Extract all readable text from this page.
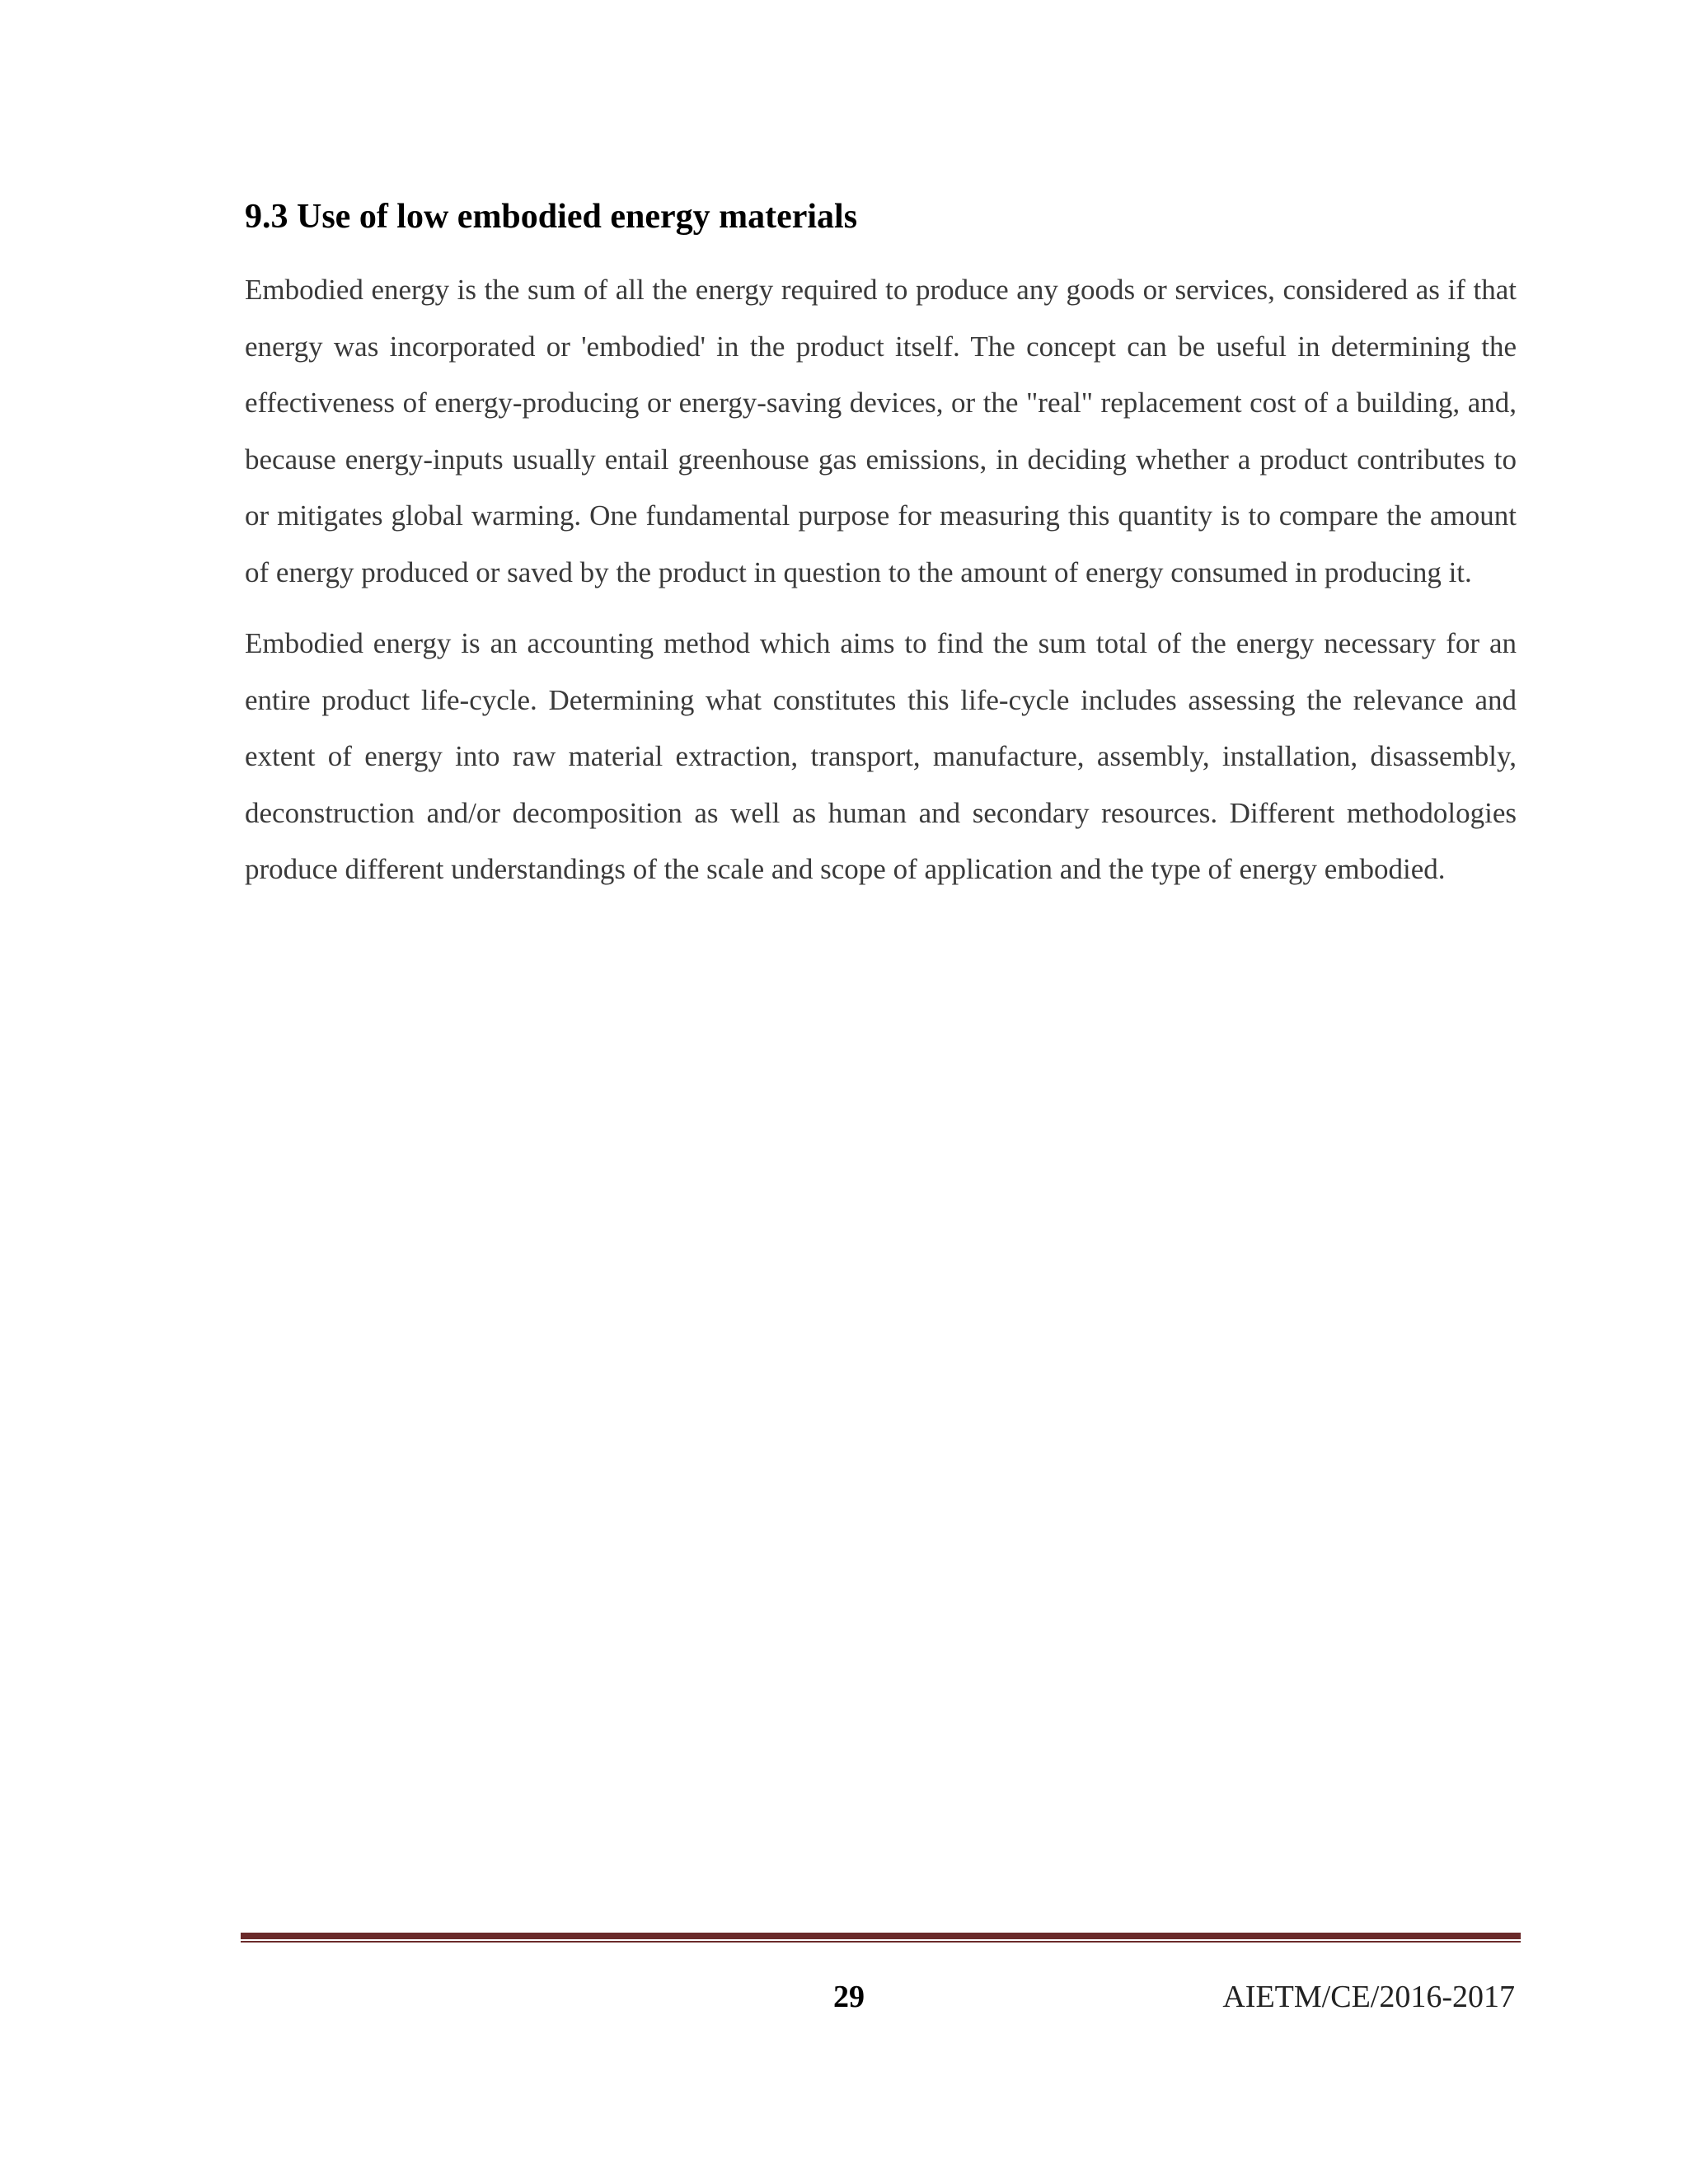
9.3 Use of low embodied energy materials

Embodied energy is the sum of all the energy required to produce any goods or services, considered as if that energy was incorporated or 'embodied' in the product itself. The concept can be useful in determining the effectiveness of energy-producing or energy-saving devices, or the "real" replacement cost of a building, and, because energy-inputs usually entail greenhouse gas emissions, in deciding whether a product contributes to or mitigates global warming. One fundamental purpose for measuring this quantity is to compare the amount of energy produced or saved by the product in question to the amount of energy consumed in producing it.

Embodied energy is an accounting method which aims to find the sum total of the energy necessary for an entire product life-cycle. Determining what constitutes this life-cycle includes assessing the relevance and extent of energy into raw material extraction, transport, manufacture, assembly, installation, disassembly, deconstruction and/or decomposition as well as human and secondary resources. Different methodologies produce different understandings of the scale and scope of application and the type of energy embodied.

29	AIETM/CE/2016-2017
